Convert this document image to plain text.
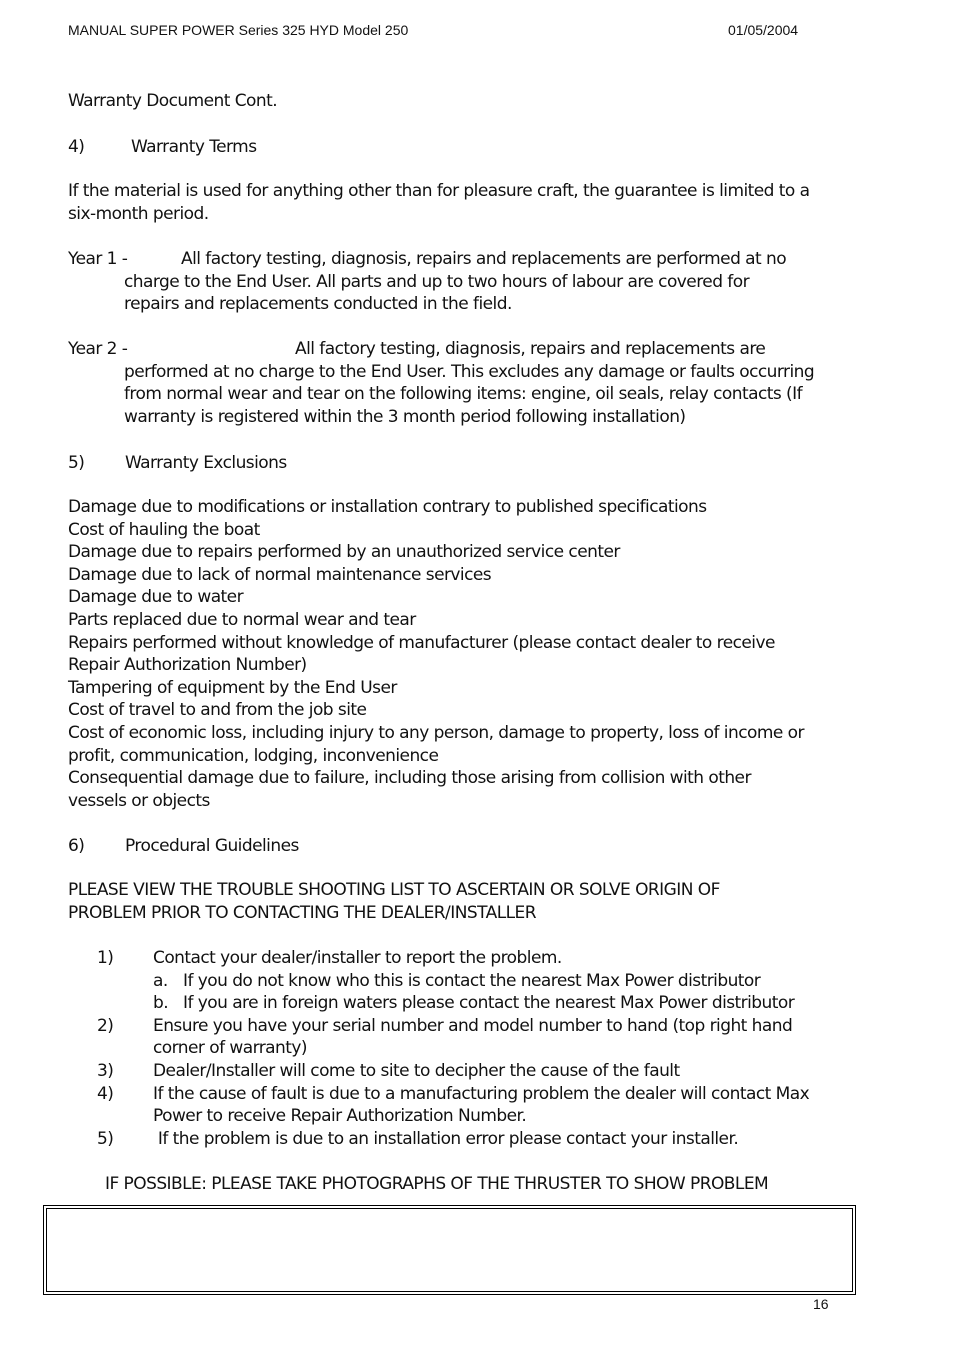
MANUAL SUPER POWER Series 325 HYD Model 250	01/05/2004
Warranty Document Cont.
4)	Warranty Terms
If the material is used for anything other than for pleasure craft, the guarantee is limited to a six-month period.
Year 1 -	All factory testing, diagnosis, repairs and replacements are performed at no
charge to the End User. All parts and up to two hours of labour are covered for repairs and replacements conducted in the field.
Year 2 -	All factory testing, diagnosis, repairs and replacements are
performed at no charge to the End User. This excludes any damage or faults occurring from normal wear and tear on the following items: engine, oil seals, relay contacts (If warranty is registered within the 3 month period following installation)
5) Warranty Exclusions
Damage due to modifications or installation contrary to published specifications
Cost of hauling the boat
Damage due to repairs performed by an unauthorized service center
Damage due to lack of normal maintenance services
Damage due to water
Parts replaced due to normal wear and tear
Repairs performed without knowledge of manufacturer (please contact dealer to receive Repair Authorization Number)
Tampering of equipment by the End User
Cost of travel to and from the job site
Cost of economic loss, including injury to any person, damage to property, loss of income or profit, communication, lodging, inconvenience
Consequential damage due to failure, including those arising from collision with other vessels or objects
6) Procedural Guidelines
PLEASE VIEW THE TROUBLE SHOOTING LIST TO ASCERTAIN OR SOLVE ORIGIN OF PROBLEM PRIOR TO CONTACTING THE DEALER/INSTALLER
1)	Contact your dealer/installer to report the problem.
a. If you do not know who this is contact the nearest Max Power distributor
b. If you are in foreign waters please contact the nearest Max Power distributor
2)	Ensure you have your serial number and model number to hand (top right hand corner of warranty)
3)	Dealer/Installer will come to site to decipher the cause of the fault
4)	If the cause of fault is due to a manufacturing problem the dealer will contact Max Power to receive Repair Authorization Number.
5)	If the problem is due to an installation error please contact your installer.
IF POSSIBLE: PLEASE TAKE PHOTOGRAPHS OF THE THRUSTER TO SHOW PROBLEM
16
